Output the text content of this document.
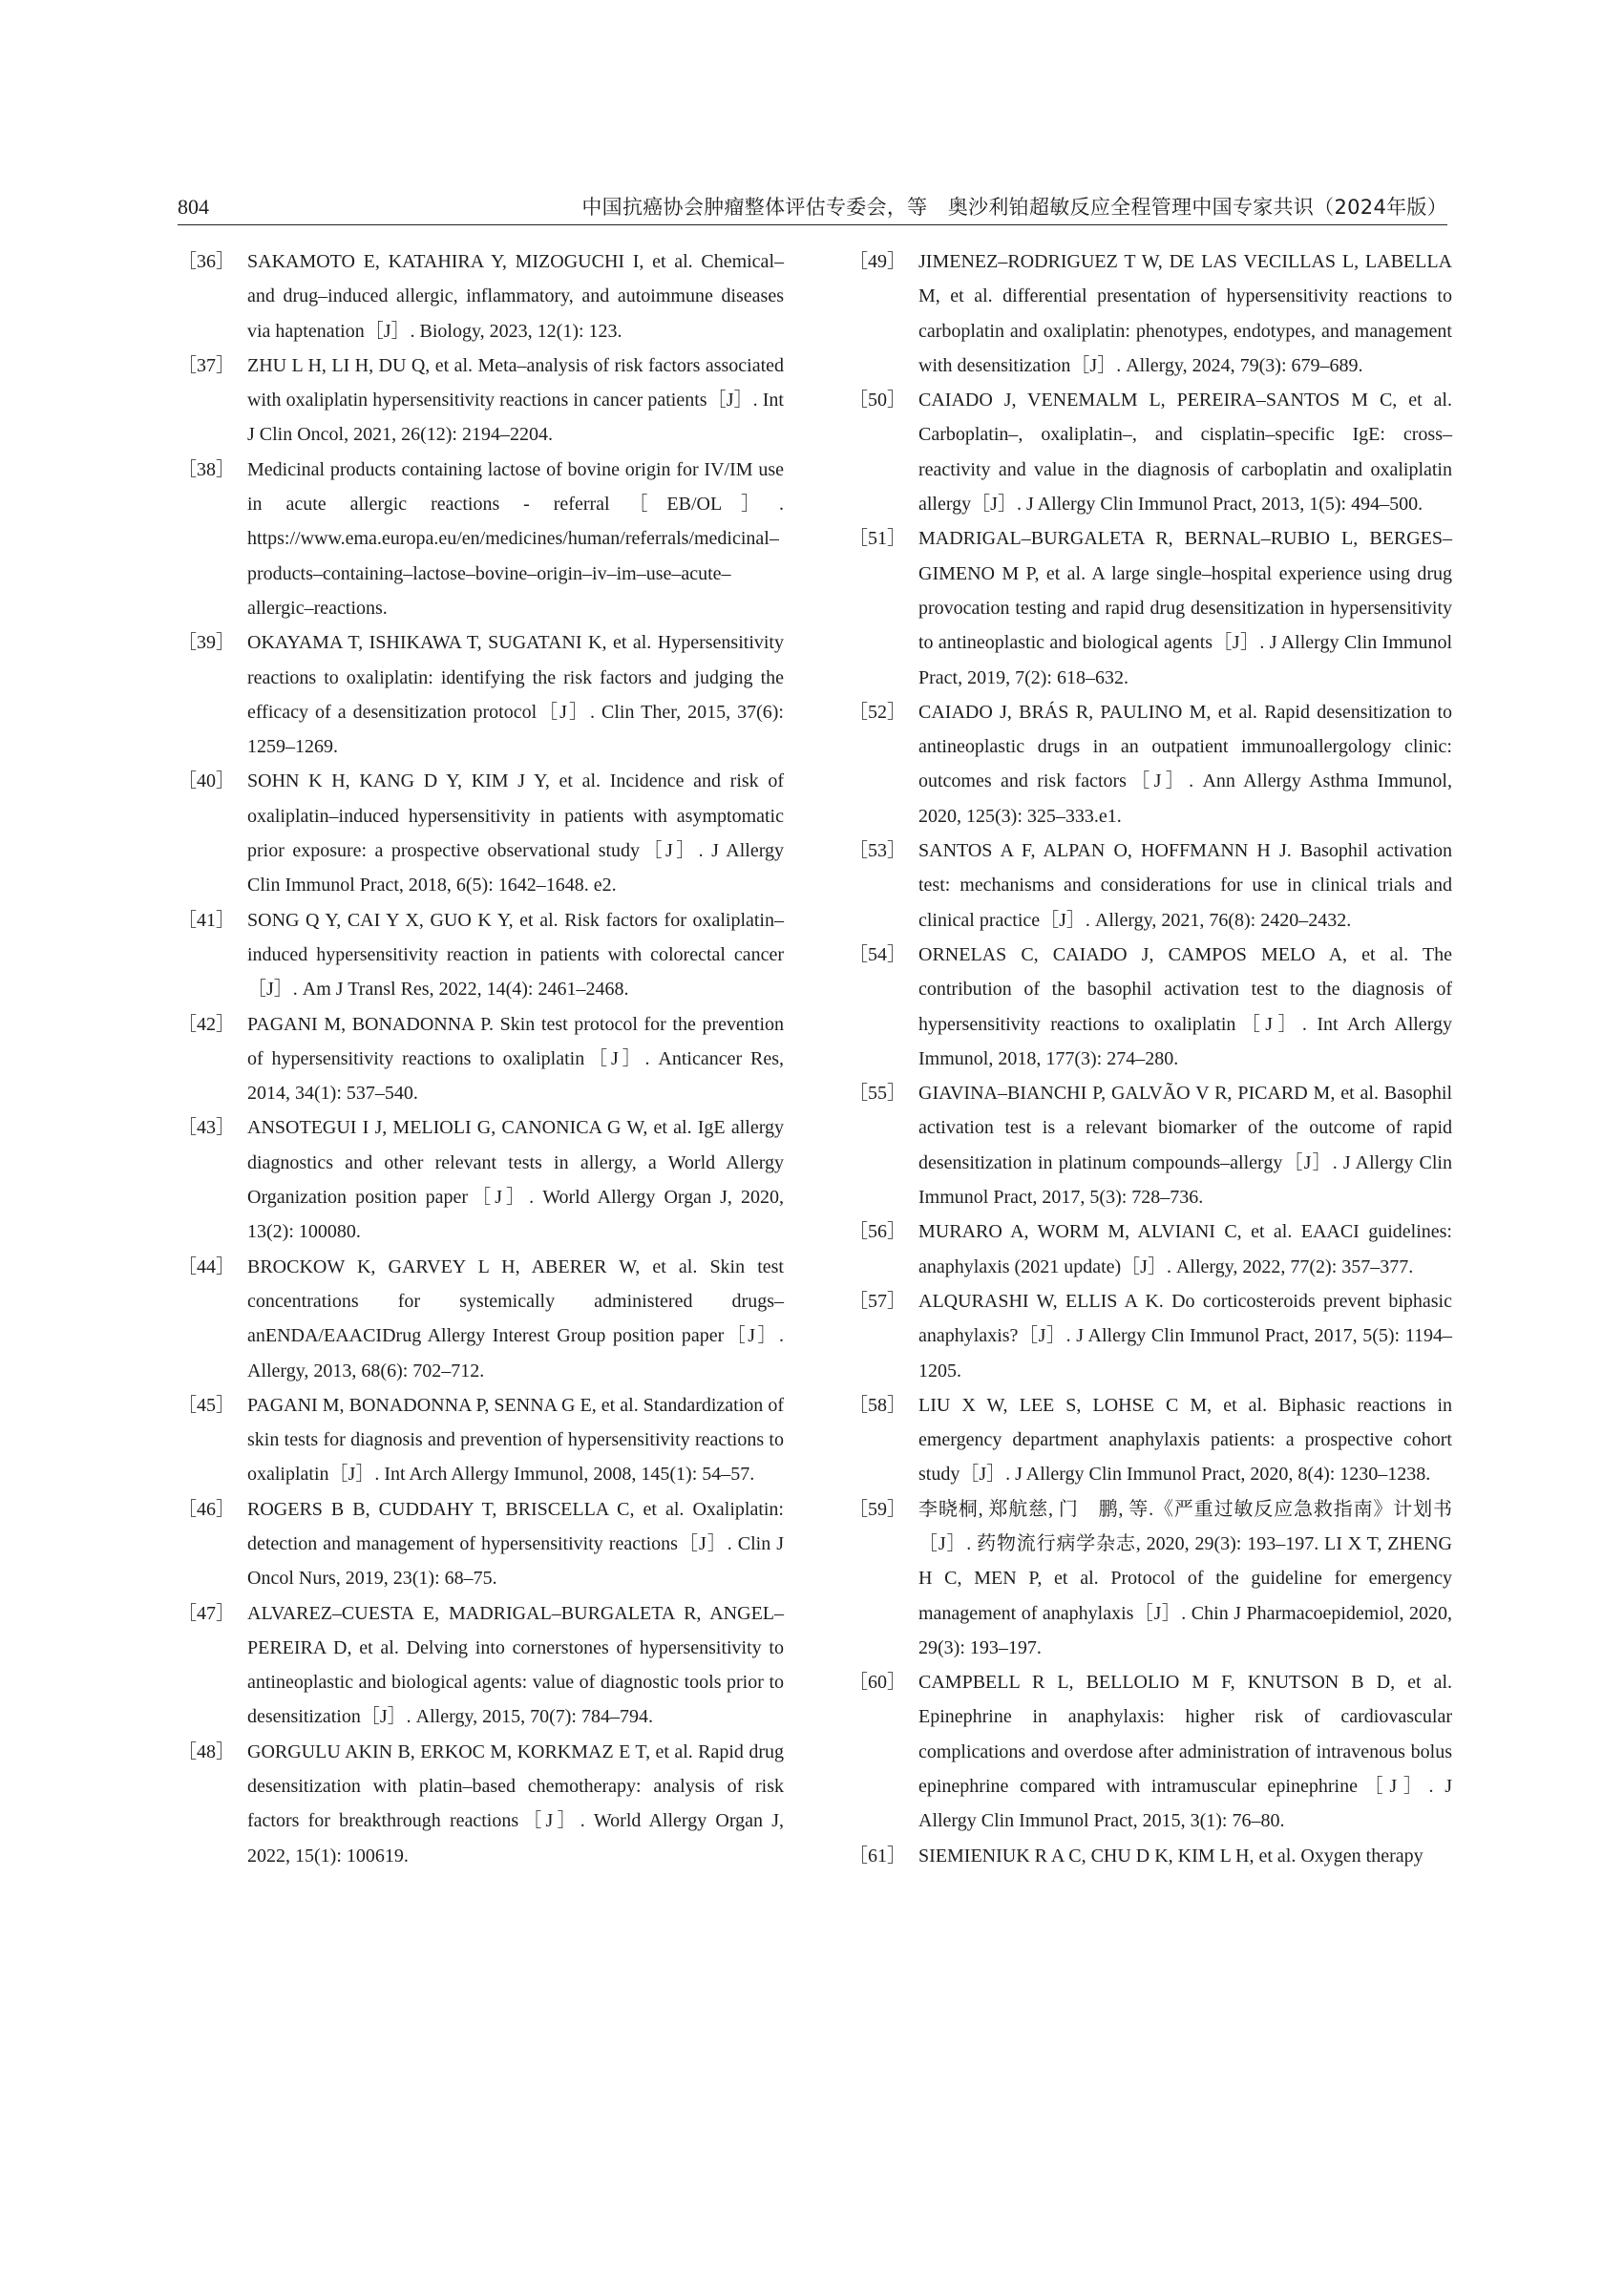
804	中国抗癌协会肿瘤整体评估专委会，等　奥沙利铂超敏反应全程管理中国专家共识（2024年版）

［36］ SAKAMOTO E, KATAHIRA Y, MIZOGUCHI I, et al. Chemical– and drug–induced allergic, inflammatory, and autoimmune diseases via haptenation［J］. Biology, 2023, 12(1): 123.

［37］ ZHU L H, LI H, DU Q, et al. Meta–analysis of risk factors associated with oxaliplatin hypersensitivity reactions in cancer patients［J］. Int J Clin Oncol, 2021, 26(12): 2194–2204.

［38］ Medicinal products containing lactose of bovine origin for IV/IM use in acute allergic reactions - referral［EB/OL］. https://www.ema.europa.eu/en/medicines/human/referrals/medicinal–products–containing–lactose–bovine–origin–iv–im–use–acute–allergic–reactions.

［39］ OKAYAMA T, ISHIKAWA T, SUGATANI K, et al. Hypersensitivity reactions to oxaliplatin: identifying the risk factors and judging the efficacy of a desensitization protocol［J］. Clin Ther, 2015, 37(6): 1259–1269.

［40］ SOHN K H, KANG D Y, KIM J Y, et al. Incidence and risk of oxaliplatin–induced hypersensitivity in patients with asymptomatic prior exposure: a prospective observational study［J］. J Allergy Clin Immunol Pract, 2018, 6(5): 1642–1648. e2.

［41］ SONG Q Y, CAI Y X, GUO K Y, et al. Risk factors for oxaliplatin–induced hypersensitivity reaction in patients with colorectal cancer［J］. Am J Transl Res, 2022, 14(4): 2461–2468.

［42］ PAGANI M, BONADONNA P. Skin test protocol for the prevention of hypersensitivity reactions to oxaliplatin［J］. Anticancer Res, 2014, 34(1): 537–540.

［43］ ANSOTEGUI I J, MELIOLI G, CANONICA G W, et al. IgE allergy diagnostics and other relevant tests in allergy, a World Allergy Organization position paper［J］. World Allergy Organ J, 2020, 13(2): 100080.

［44］ BROCKOW K, GARVEY L H, ABERER W, et al. Skin test concentrations for systemically administered drugs–anENDA/EAACIDrug Allergy Interest Group position paper［J］. Allergy, 2013, 68(6): 702–712.

［45］ PAGANI M, BONADONNA P, SENNA G E, et al. Standardization of skin tests for diagnosis and prevention of hypersensitivity reactions to oxaliplatin［J］. Int Arch Allergy Immunol, 2008, 145(1): 54–57.

［46］ ROGERS B B, CUDDAHY T, BRISCELLA C, et al. Oxaliplatin: detection and management of hypersensitivity reactions［J］. Clin J Oncol Nurs, 2019, 23(1): 68–75.

［47］ ALVAREZ–CUESTA E, MADRIGAL–BURGALETA R, ANGEL–PEREIRA D, et al. Delving into cornerstones of hypersensitivity to antineoplastic and biological agents: value of diagnostic tools prior to desensitization［J］. Allergy, 2015, 70(7): 784–794.

［48］ GORGULU AKIN B, ERKOC M, KORKMAZ E T, et al. Rapid drug desensitization with platin–based chemotherapy: analysis of risk factors for breakthrough reactions［J］. World Allergy Organ J, 2022, 15(1): 100619.

［49］ JIMENEZ–RODRIGUEZ T W, DE LAS VECILLAS L, LABELLA M, et al. differential presentation of hypersensitivity reactions to carboplatin and oxaliplatin: phenotypes, endotypes, and management with desensitization［J］. Allergy, 2024, 79(3): 679–689.

［50］ CAIADO J, VENEMALM L, PEREIRA–SANTOS M C, et al. Carboplatin–, oxaliplatin–, and cisplatin–specific IgE: cross–reactivity and value in the diagnosis of carboplatin and oxaliplatin allergy［J］. J Allergy Clin Immunol Pract, 2013, 1(5): 494–500.

［51］ MADRIGAL–BURGALETA R, BERNAL–RUBIO L, BERGES–GIMENO M P, et al. A large single–hospital experience using drug provocation testing and rapid drug desensitization in hypersensitivity to antineoplastic and biological agents［J］. J Allergy Clin Immunol Pract, 2019, 7(2): 618–632.

［52］ CAIADO J, BRÁS R, PAULINO M, et al. Rapid desensitization to antineoplastic drugs in an outpatient immunoallergology clinic: outcomes and risk factors［J］. Ann Allergy Asthma Immunol, 2020, 125(3): 325–333.e1.

［53］ SANTOS A F, ALPAN O, HOFFMANN H J. Basophil activation test: mechanisms and considerations for use in clinical trials and clinical practice［J］. Allergy, 2021, 76(8): 2420–2432.

［54］ ORNELAS C, CAIADO J, CAMPOS MELO A, et al. The contribution of the basophil activation test to the diagnosis of hypersensitivity reactions to oxaliplatin［J］. Int Arch Allergy Immunol, 2018, 177(3): 274–280.

［55］ GIAVINA–BIANCHI P, GALVÃO V R, PICARD M, et al. Basophil activation test is a relevant biomarker of the outcome of rapid desensitization in platinum compounds–allergy［J］. J Allergy Clin Immunol Pract, 2017, 5(3): 728–736.

［56］ MURARO A, WORM M, ALVIANI C, et al. EAACI guidelines: anaphylaxis (2021 update)［J］. Allergy, 2022, 77(2): 357–377.

［57］ ALQURASHI W, ELLIS A K. Do corticosteroids prevent biphasic anaphylaxis?［J］. J Allergy Clin Immunol Pract, 2017, 5(5): 1194–1205.

［58］ LIU X W, LEE S, LOHSE C M, et al. Biphasic reactions in emergency department anaphylaxis patients: a prospective cohort study［J］. J Allergy Clin Immunol Pract, 2020, 8(4): 1230–1238.

［59］ 李晓桐, 郑航慈, 门　鹏, 等.《严重过敏反应急救指南》计划书［J］. 药物流行病学杂志, 2020, 29(3): 193–197. LI X T, ZHENG H C, MEN P, et al. Protocol of the guideline for emergency management of anaphylaxis［J］. Chin J Pharmacoepidemiol, 2020, 29(3): 193–197.

［60］ CAMPBELL R L, BELLOLIO M F, KNUTSON B D, et al. Epinephrine in anaphylaxis: higher risk of cardiovascular complications and overdose after administration of intravenous bolus epinephrine compared with intramuscular epinephrine［J］. J Allergy Clin Immunol Pract, 2015, 3(1): 76–80.

［61］ SIEMIENIUK R A C, CHU D K, KIM L H, et al. Oxygen therapy
